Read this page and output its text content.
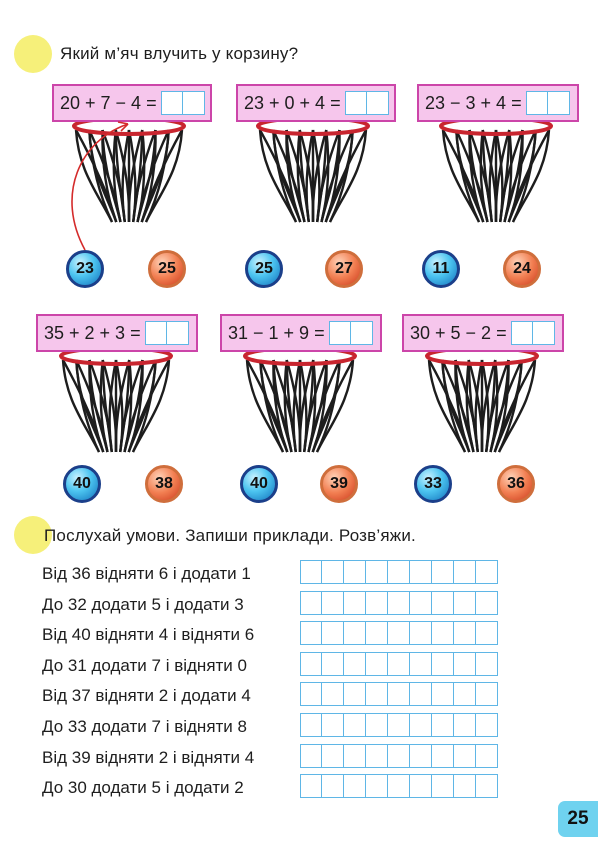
Який м’яч влучить у корзину?
20 + 7 − 4 =
23	25
23 + 0 + 4 =
25	27
23 − 3 + 4 =
11	24
35 + 2 + 3 =
40	38
31 − 1 + 9 =
40	39
30 + 5 − 2 =
33	36
Послухай умови. Запиши приклади. Розв’яжи.
Від 36 відняти 6 і додати 1
До 32 додати 5 і додати 3
Від 40 відняти 4 і відняти 6
До 31 додати 7 і відняти 0
Від 37 відняти 2 і додати 4
До 33 додати 7 і відняти 8
Від 39 відняти 2 і відняти 4
До 30 додати 5 і додати 2
25
